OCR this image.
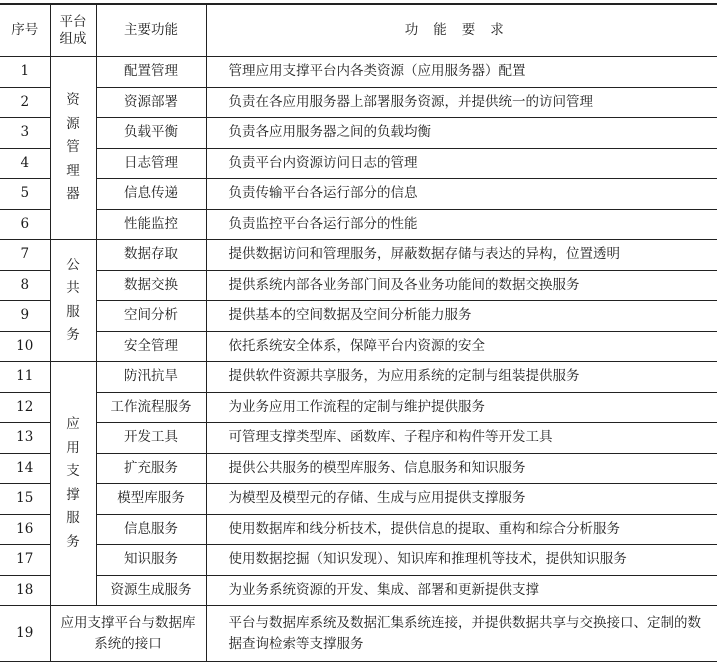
序号	平台组成	主要功能	功能要求
1	资源管理器	配置管理	管理应用支撑平台内各类资源（应用服务器）配置
2		资源部署	负责在各应用服务器上部署服务资源，并提供统一的访问管理
3		负载平衡	负责各应用服务器之间的负载均衡
4		日志管理	负责平台内资源访问日志的管理
5		信息传递	负责传输平台各运行部分的信息
6		性能监控	负责监控平台各运行部分的性能
7	公共服务	数据存取	提供数据访问和管理服务，屏蔽数据存储与表达的异构，位置透明
8		数据交换	提供系统内部各业务部门间及各业务功能间的数据交换服务
9		空间分析	提供基本的空间数据及空间分析能力服务
10		安全管理	依托系统安全体系，保障平台内资源的安全
11	应用支撑服务	防汛抗旱	提供软件资源共享服务，为应用系统的定制与组装提供服务
12		工作流程服务	为业务应用工作流程的定制与维护提供服务
13		开发工具	可管理支撑类型库、函数库、子程序和构件等开发工具
14		扩充服务	提供公共服务的模型库服务、信息服务和知识服务
15		模型库服务	为模型及模型元的存储、生成与应用提供支撑服务
16		信息服务	使用数据库和线分析技术，提供信息的提取、重构和综合分析服务
17		知识服务	使用数据挖掘（知识发现）、知识库和推理机等技术，提供知识服务
18		资源生成服务	为业务系统资源的开发、集成、部署和更新提供支撑
19	应用支撑平台与数据库系统的接口		平台与数据库系统及数据汇集系统连接，并提供数据共享与交换接口、定制的数据查询检索等支撑服务
